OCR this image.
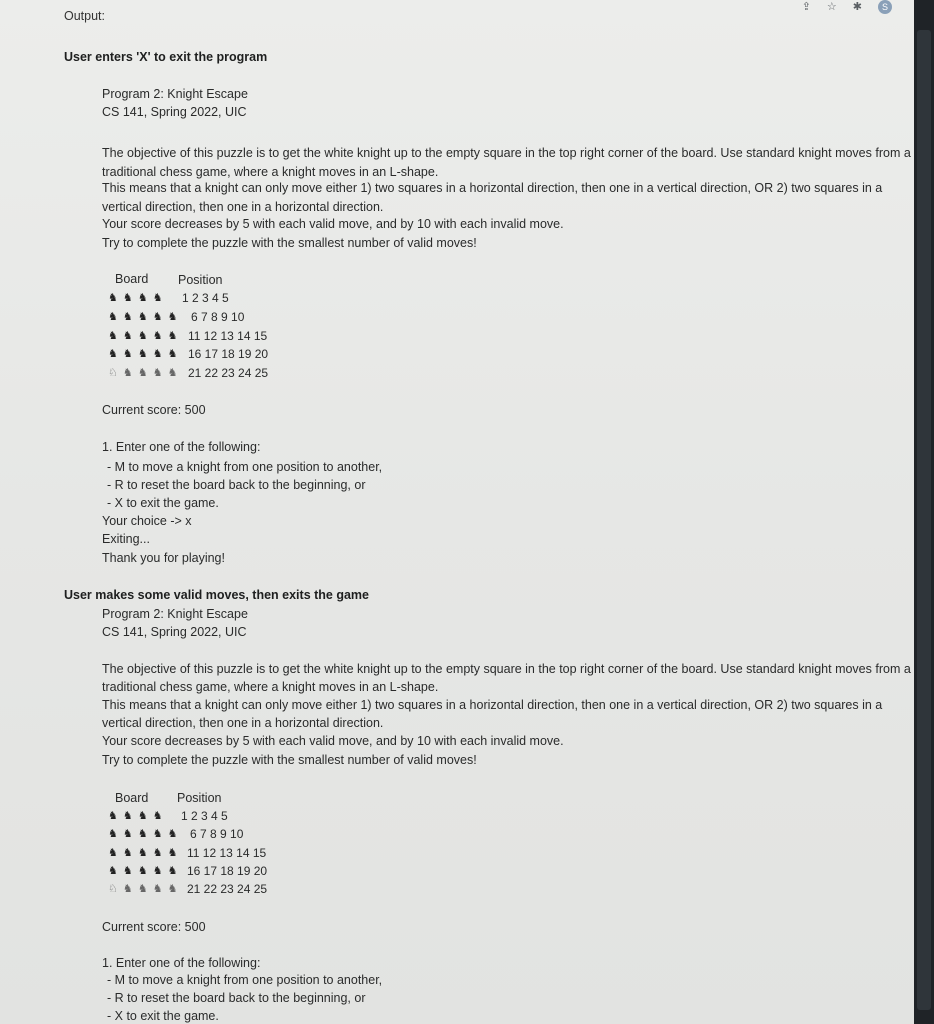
Output:
User enters 'X' to exit the program
Program 2: Knight Escape
CS 141, Spring 2022, UIC
The objective of this puzzle is to get the white knight up to the empty square in the top right corner of the board. Use standard knight moves from a
traditional chess game, where a knight moves in an L-shape.
This means that a knight can only move either 1) two squares in a horizontal direction, then one in a vertical direction, OR 2) two squares in a
vertical direction, then one in a horizontal direction.
Your score decreases by 5 with each valid move, and by 10 with each invalid move.
Try to complete the puzzle with the smallest number of valid moves!
Board Position
♞ ♞ ♞ ♞
♞ ♞ ♞ ♞ ♞
♞ ♞ ♞ ♞ ♞
♞ ♞ ♞ ♞ ♞
♘ ♞ ♞ ♞ ♞
1 2 3 4 5
6 7 8 9 10
11 12 13 14 15
16 17 18 19 20
21 22 23 24 25
Current score: 500
1. Enter one of the following:
- M to move a knight from one position to another,
- R to reset the board back to the beginning, or
- X to exit the game.
Your choice -> x
Exiting...
Thank you for playing!
User makes some valid moves, then exits the game
Program 2: Knight Escape
CS 141, Spring 2022, UIC
The objective of this puzzle is to get the white knight up to the empty square in the top right corner of the board. Use standard knight moves from a
traditional chess game, where a knight moves in an L-shape.
This means that a knight can only move either 1) two squares in a horizontal direction, then one in a vertical direction, OR 2) two squares in a
vertical direction, then one in a horizontal direction.
Your score decreases by 5 with each valid move, and by 10 with each invalid move.
Try to complete the puzzle with the smallest number of valid moves!
Board Position
♞ ♞ ♞ ♞
♞ ♞ ♞ ♞ ♞
♞ ♞ ♞ ♞ ♞
♞ ♞ ♞ ♞ ♞
♘ ♞ ♞ ♞ ♞
1 2 3 4 5
6 7 8 9 10
11 12 13 14 15
16 17 18 19 20
21 22 23 24 25
Current score: 500
1. Enter one of the following:
- M to move a knight from one position to another,
- R to reset the board back to the beginning, or
- X to exit the game.
⇪ ☆ ✱	S
